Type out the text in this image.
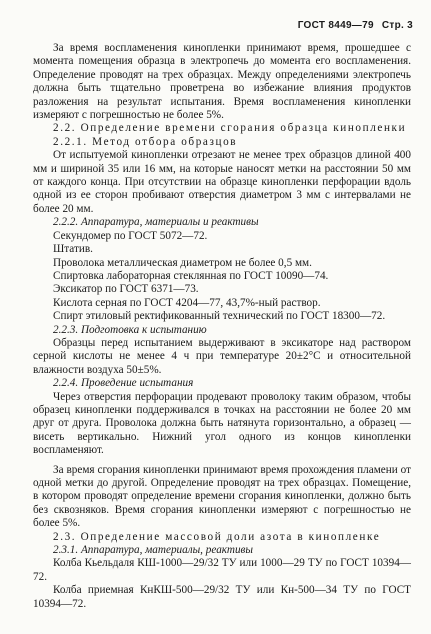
ГОСТ 8449—79 Стр. 3

За время воспламенения кинопленки принимают время, прошедшее с момента помещения образца в электропечь до момента его воспламенения. Определение проводят на трех образцах. Между определениями электропечь должна быть тщательно проветрена во избежание влияния продуктов разложения на результат испытания. Время воспламенения кинопленки измеряют с погрешностью не более 5%.

2.2. Определение времени сгорания образца кинопленки

2.2.1. Метод отбора образцов

От испытуемой кинопленки отрезают не менее трех образцов длиной 400 мм и шириной 35 или 16 мм, на которые наносят метки на расстоянии 50 мм от каждого конца. При отсутствии на образце кинопленки перфорации вдоль одной из ее сторон пробивают отверстия диаметром 3 мм с интервалами не более 20 мм.

2.2.2. Аппаратура, материалы и реактивы

Секундомер по ГОСТ 5072—72.

Штатив.

Проволока металлическая диаметром не более 0,5 мм.

Спиртовка лабораторная стеклянная по ГОСТ 10090—74.

Эксикатор по ГОСТ 6371—73.

Кислота серная по ГОСТ 4204—77, 43,7%-ный раствор.

Спирт этиловый ректификованный технический по ГОСТ 18300—72.

2.2.3. Подготовка к испытанию

Образцы перед испытанием выдерживают в эксикаторе над раствором серной кислоты не менее 4 ч при температуре 20±2°С и относительной влажности воздуха 50±5%.

2.2.4. Проведение испытания

Через отверстия перфорации продевают проволоку таким образом, чтобы образец кинопленки поддерживался в точках на расстоянии не более 20 мм друг от друга. Проволока должна быть натянута горизонтально, а образец — висеть вертикально. Нижний угол одного из концов кинопленки воспламеняют.

За время сгорания кинопленки принимают время прохождения пламени от одной метки до другой. Определение проводят на трех образцах. Помещение, в котором проводят определение времени сгорания кинопленки, должно быть без сквозняков. Время сгорания кинопленки измеряют с погрешностью не более 5%.

2.3. Определение массовой доли азота в кинопленке

2.3.1. Аппаратура, материалы, реактивы

Колба Кьельдаля КШ-1000—29/32 ТУ или 1000—29 ТУ по ГОСТ 10394—72.

Колба приемная КнКШ-500—29/32 ТУ или Кн-500—34 ТУ по ГОСТ 10394—72.
